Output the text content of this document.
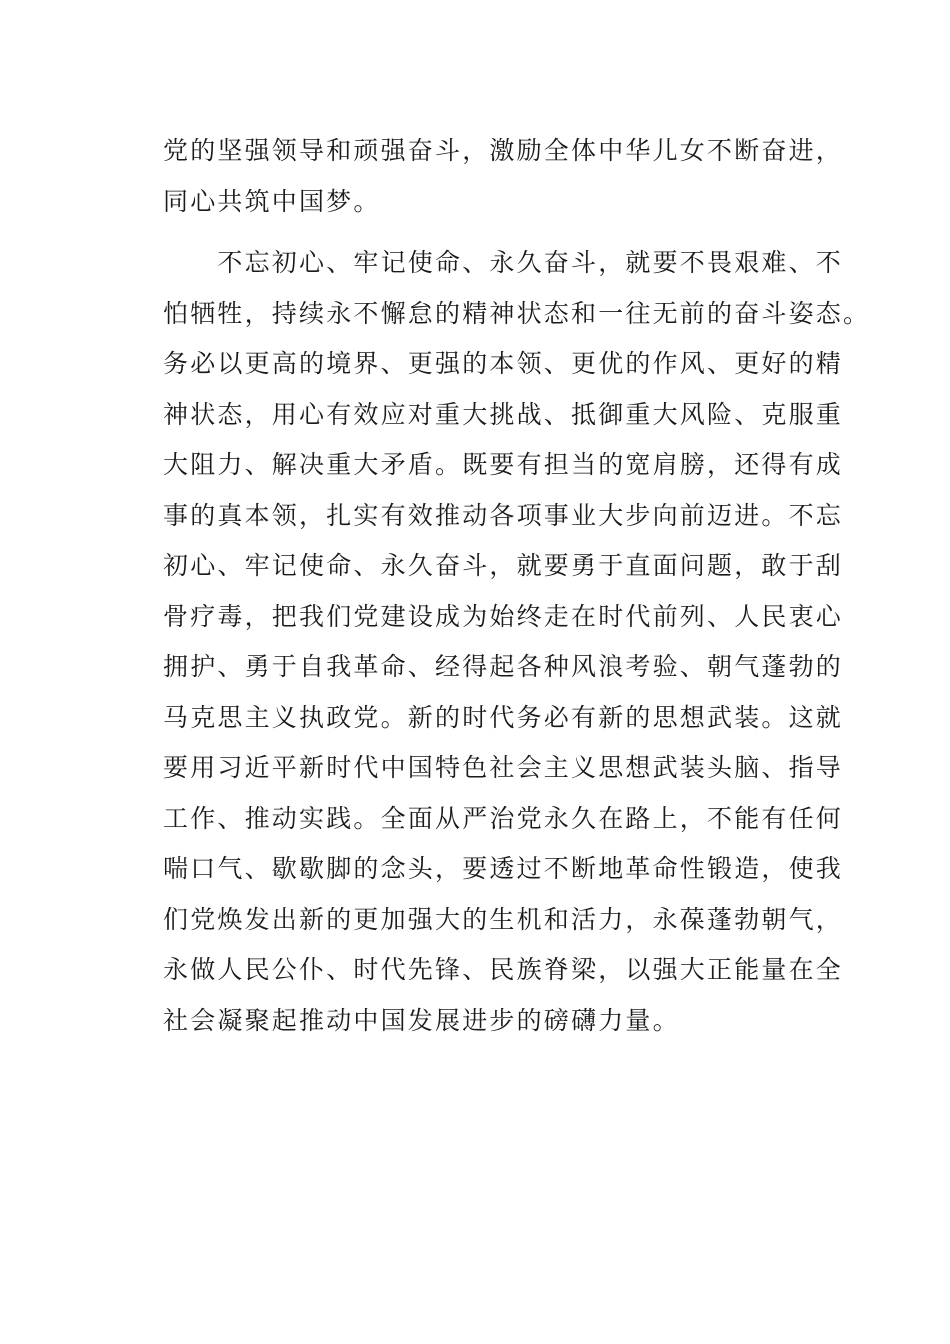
党的坚强领导和顽强奋斗，激励全体中华儿女不断奋进，
同心共筑中国梦。
　　不忘初心、牢记使命、永久奋斗，就要不畏艰难、不
怕牺牲，持续永不懈怠的精神状态和一往无前的奋斗姿态。
务必以更高的境界、更强的本领、更优的作风、更好的精
神状态，用心有效应对重大挑战、抵御重大风险、克服重
大阻力、解决重大矛盾。既要有担当的宽肩膀，还得有成
事的真本领，扎实有效推动各项事业大步向前迈进。不忘
初心、牢记使命、永久奋斗，就要勇于直面问题，敢于刮
骨疗毒，把我们党建设成为始终走在时代前列、人民衷心
拥护、勇于自我革命、经得起各种风浪考验、朝气蓬勃的
马克思主义执政党。新的时代务必有新的思想武装。这就
要用习近平新时代中国特色社会主义思想武装头脑、指导
工作、推动实践。全面从严治党永久在路上，不能有任何
喘口气、歇歇脚的念头，要透过不断地革命性锻造，使我
们党焕发出新的更加强大的生机和活力，永葆蓬勃朝气，
永做人民公仆、时代先锋、民族脊梁，以强大正能量在全
社会凝聚起推动中国发展进步的磅礴力量。
